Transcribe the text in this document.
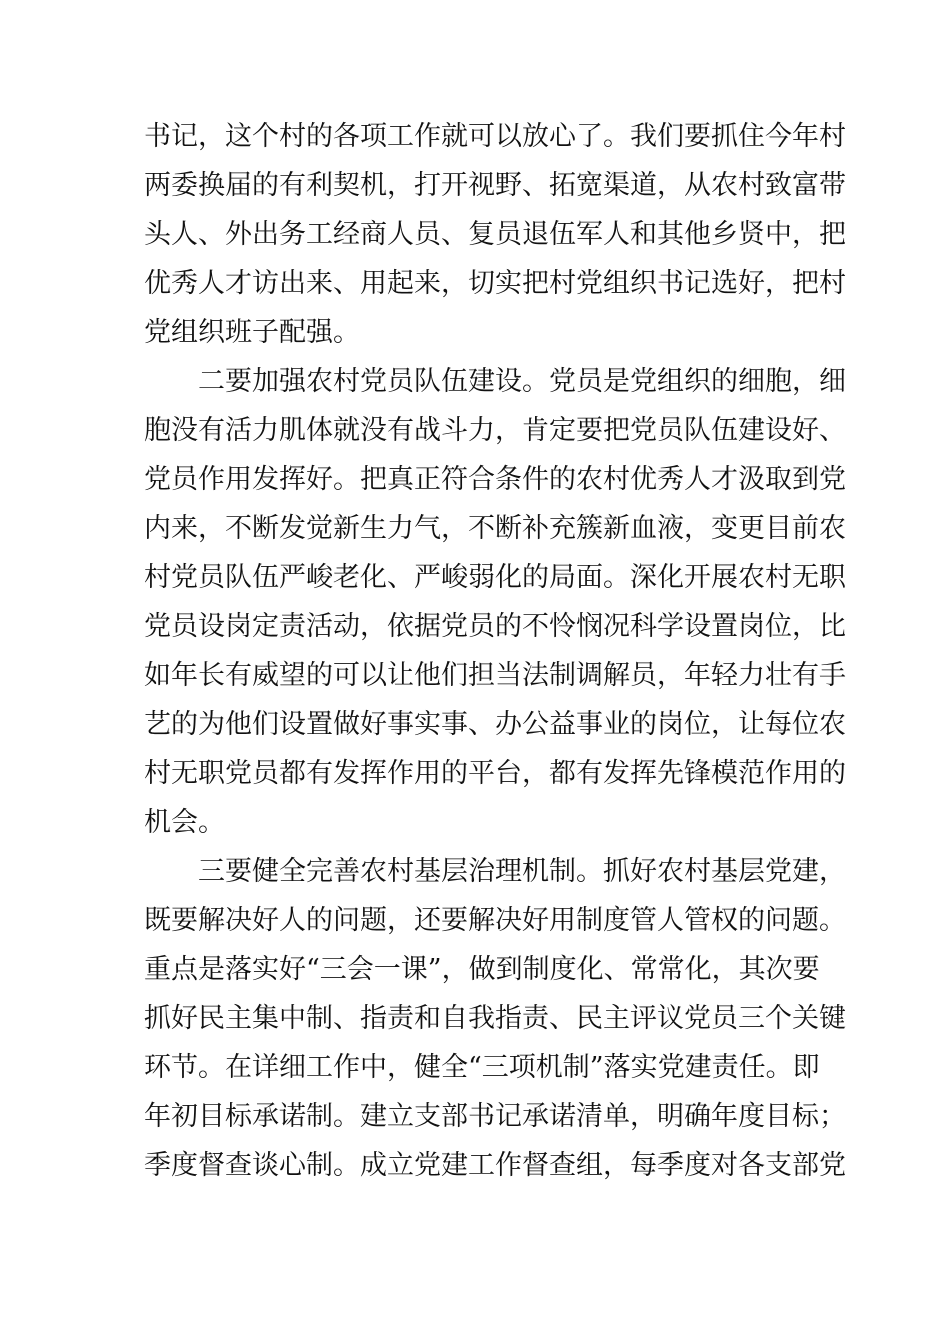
书记，这个村的各项工作就可以放心了。我们要抓住今年村
两委换届的有利契机，打开视野、拓宽渠道，从农村致富带
头人、外出务工经商人员、复员退伍军人和其他乡贤中，把
优秀人才访出来、用起来，切实把村党组织书记选好，把村
党组织班子配强。
二要加强农村党员队伍建设。党员是党组织的细胞，细
胞没有活力肌体就没有战斗力，肯定要把党员队伍建设好、
党员作用发挥好。把真正符合条件的农村优秀人才汲取到党
内来，不断发觉新生力气，不断补充簇新血液，变更目前农
村党员队伍严峻老化、严峻弱化的局面。深化开展农村无职
党员设岗定责活动，依据党员的不怜悯况科学设置岗位，比
如年长有威望的可以让他们担当法制调解员，年轻力壮有手
艺的为他们设置做好事实事、办公益事业的岗位，让每位农
村无职党员都有发挥作用的平台，都有发挥先锋模范作用的
机会。
三要健全完善农村基层治理机制。抓好农村基层党建，
既要解决好人的问题，还要解决好用制度管人管权的问题。
重点是落实好“三会一课”，做到制度化、常常化，其次要
抓好民主集中制、指责和自我指责、民主评议党员三个关键
环节。在详细工作中，健全“三项机制”落实党建责任。即
年初目标承诺制。建立支部书记承诺清单，明确年度目标；
季度督查谈心制。成立党建工作督查组，每季度对各支部党
